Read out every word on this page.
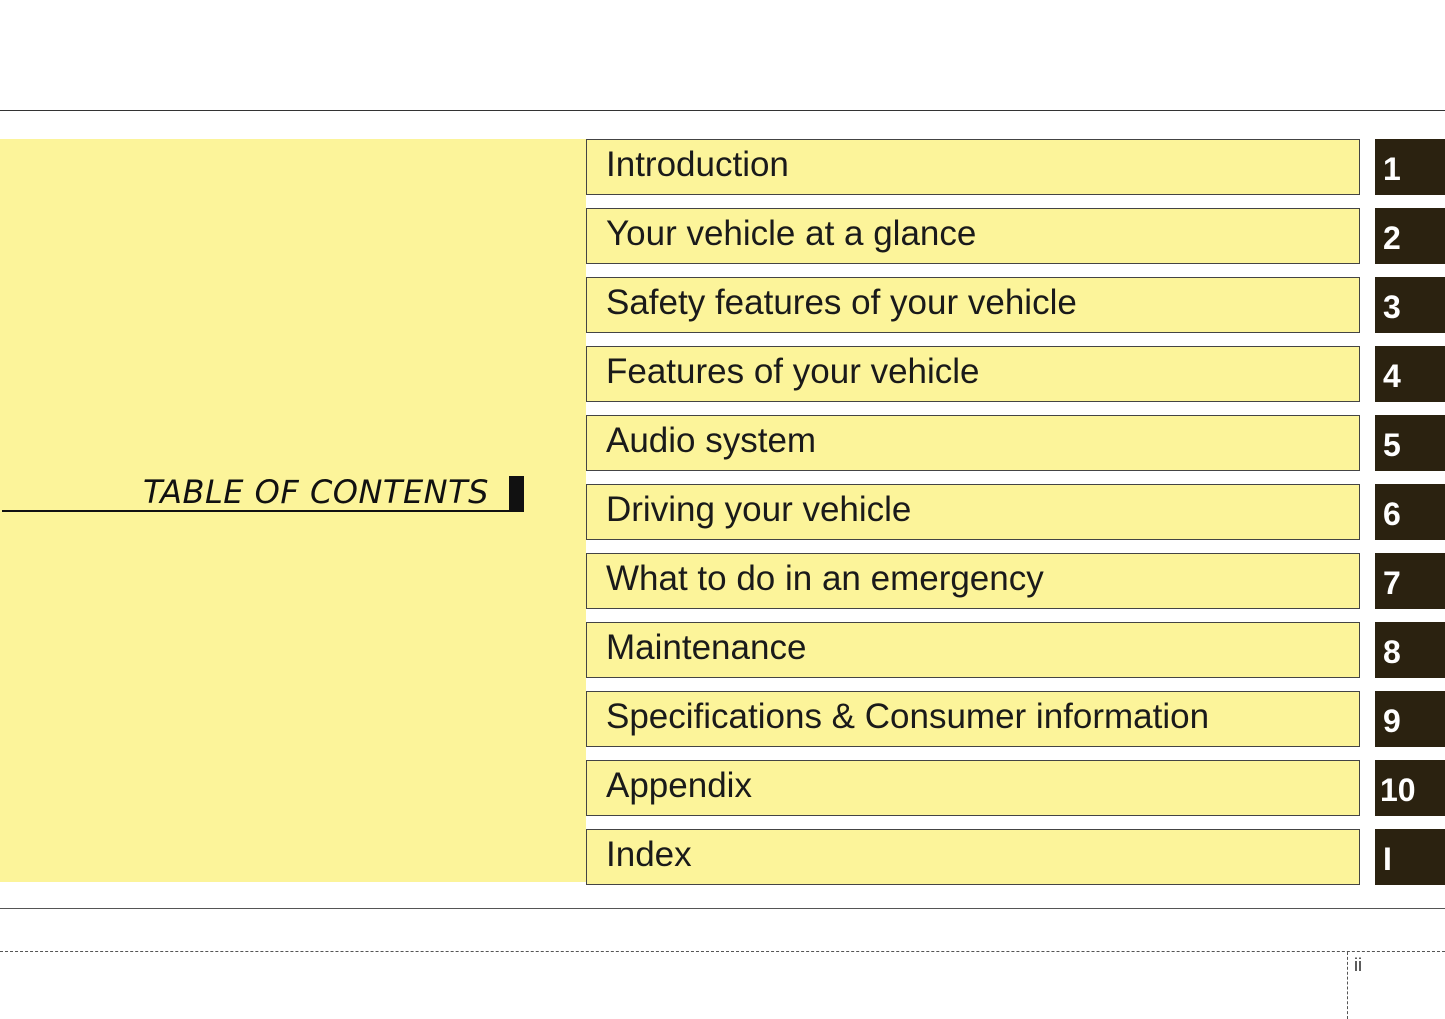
TABLE OF CONTENTS
Introduction	1
Your vehicle at a glance	2
Safety features of your vehicle	3
Features of your vehicle	4
Audio system	5
Driving your vehicle	6
What to do in an emergency	7
Maintenance	8
Specifications & Consumer information	9
Appendix	10
Index	I
ii
